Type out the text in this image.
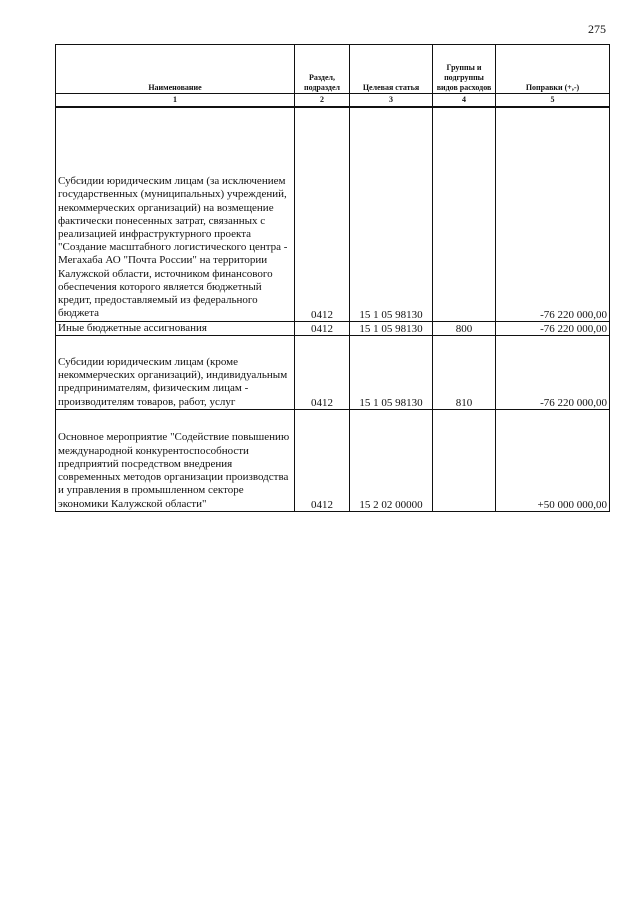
275
Наименование	Раздел, подраздел	Целевая статья	Группы и подгруппы видов расходов	Поправки (+,-)
1	2	3	4	5
Субсидии юридическим лицам (за исключением государственных (муниципальных) учреждений, некоммерческих организаций) на возмещение фактически понесенных затрат, связанных с реализацией инфраструктурного проекта "Создание масштабного логистического центра - Мегахаба АО "Почта России" на территории Калужской области, источником финансового обеспечения которого является бюджетный кредит, предоставляемый из федерального бюджета	0412	15 1 05 98130		-76 220 000,00
Иные бюджетные ассигнования	0412	15 1 05 98130	800	-76 220 000,00
Субсидии юридическим лицам (кроме некоммерческих организаций), индивидуальным предпринимателям, физическим лицам - производителям товаров, работ, услуг	0412	15 1 05 98130	810	-76 220 000,00
Основное мероприятие "Содействие повышению международной конкурентоспособности предприятий посредством внедрения современных методов организации производства и управления в промышленном секторе экономики Калужской области"	0412	15 2 02 00000		+50 000 000,00
